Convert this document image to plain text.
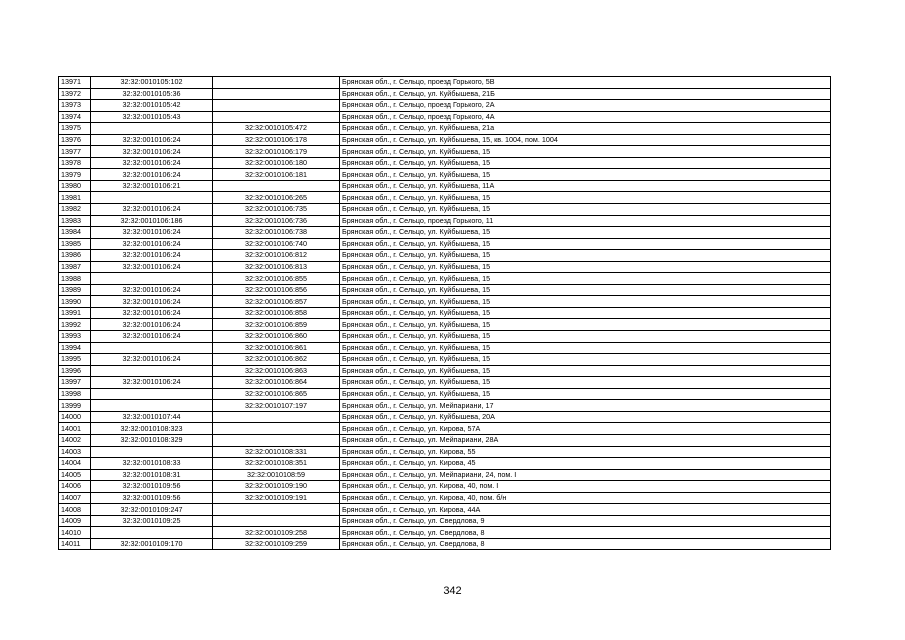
13971	32:32:0010105:102		Брянская обл., г. Сельцо, проезд Горького, 5В
13972	32:32:0010105:36		Брянская обл., г. Сельцо, ул. Куйбышева, 21Б
13973	32:32:0010105:42		Брянская обл., г. Сельцо, проезд Горького, 2А
13974	32:32:0010105:43		Брянская обл., г. Сельцо, проезд Горького, 4А
13975		32:32:0010105:472	Брянская обл., г. Сельцо, ул. Куйбышева, 21а
13976	32:32:0010106:24	32:32:0010106:178	Брянская обл., г. Сельцо, ул. Куйбышева, 15, кв. 1004, пом. 1004
13977	32:32:0010106:24	32:32:0010106:179	Брянская обл., г. Сельцо, ул. Куйбышева, 15
13978	32:32:0010106:24	32:32:0010106:180	Брянская обл., г. Сельцо, ул. Куйбышева, 15
13979	32:32:0010106:24	32:32:0010106:181	Брянская обл., г. Сельцо, ул. Куйбышева, 15
13980	32:32:0010106:21		Брянская обл., г. Сельцо, ул. Куйбышева, 11А
13981		32:32:0010106:265	Брянская обл., г. Сельцо, ул. Куйбышева, 15
13982	32:32:0010106:24	32:32:0010106:735	Брянская обл., г. Сельцо, ул. Куйбышева, 15
13983	32:32:0010106:186	32:32:0010106:736	Брянская обл., г. Сельцо, проезд Горького, 11
13984	32:32:0010106:24	32:32:0010106:738	Брянская обл., г. Сельцо, ул. Куйбышева, 15
13985	32:32:0010106:24	32:32:0010106:740	Брянская обл., г. Сельцо, ул. Куйбышева, 15
13986	32:32:0010106:24	32:32:0010106:812	Брянская обл., г. Сельцо, ул. Куйбышева, 15
13987	32:32:0010106:24	32:32:0010106:813	Брянская обл., г. Сельцо, ул. Куйбышева, 15
13988		32:32:0010106:855	Брянская обл., г. Сельцо, ул. Куйбышева, 15
13989	32:32:0010106:24	32:32:0010106:856	Брянская обл., г. Сельцо, ул. Куйбышева, 15
13990	32:32:0010106:24	32:32:0010106:857	Брянская обл., г. Сельцо, ул. Куйбышева, 15
13991	32:32:0010106:24	32:32:0010106:858	Брянская обл., г. Сельцо, ул. Куйбышева, 15
13992	32:32:0010106:24	32:32:0010106:859	Брянская обл., г. Сельцо, ул. Куйбышева, 15
13993	32:32:0010106:24	32:32:0010106:860	Брянская обл., г. Сельцо, ул. Куйбышева, 15
13994		32:32:0010106:861	Брянская обл., г. Сельцо, ул. Куйбышева, 15
13995	32:32:0010106:24	32:32:0010106:862	Брянская обл., г. Сельцо, ул. Куйбышева, 15
13996		32:32:0010106:863	Брянская обл., г. Сельцо, ул. Куйбышева, 15
13997	32:32:0010106:24	32:32:0010106:864	Брянская обл., г. Сельцо, ул. Куйбышева, 15
13998		32:32:0010106:865	Брянская обл., г. Сельцо, ул. Куйбышева, 15
13999		32:32:0010107:197	Брянская обл., г. Сельцо, ул. Мейпариани, 17
14000	32:32:0010107:44		Брянская обл., г. Сельцо, ул. Куйбышева, 20А
14001	32:32:0010108:323		Брянская обл., г. Сельцо, ул. Кирова, 57А
14002	32:32:0010108:329		Брянская обл., г. Сельцо, ул. Мейпариани, 28А
14003		32:32:0010108:331	Брянская обл., г. Сельцо, ул. Кирова, 55
14004	32:32:0010108:33	32:32:0010108:351	Брянская обл., г. Сельцо, ул. Кирова, 45
14005	32:32:0010108:31	32:32:0010108:59	Брянская обл., г. Сельцо, ул. Мейпариани, 24, пом. I
14006	32:32:0010109:56	32:32:0010109:190	Брянская обл., г. Сельцо, ул. Кирова, 40, пом. I
14007	32:32:0010109:56	32:32:0010109:191	Брянская обл., г. Сельцо, ул. Кирова, 40, пом. б/н
14008	32:32:0010109:247		Брянская обл., г. Сельцо, ул. Кирова, 44А
14009	32:32:0010109:25		Брянская обл., г. Сельцо, ул. Свердлова, 9
14010		32:32:0010109:258	Брянская обл., г. Сельцо, ул. Свердлова, 8
14011	32:32:0010109:170	32:32:0010109:259	Брянская обл., г. Сельцо, ул. Свердлова, 8
342
